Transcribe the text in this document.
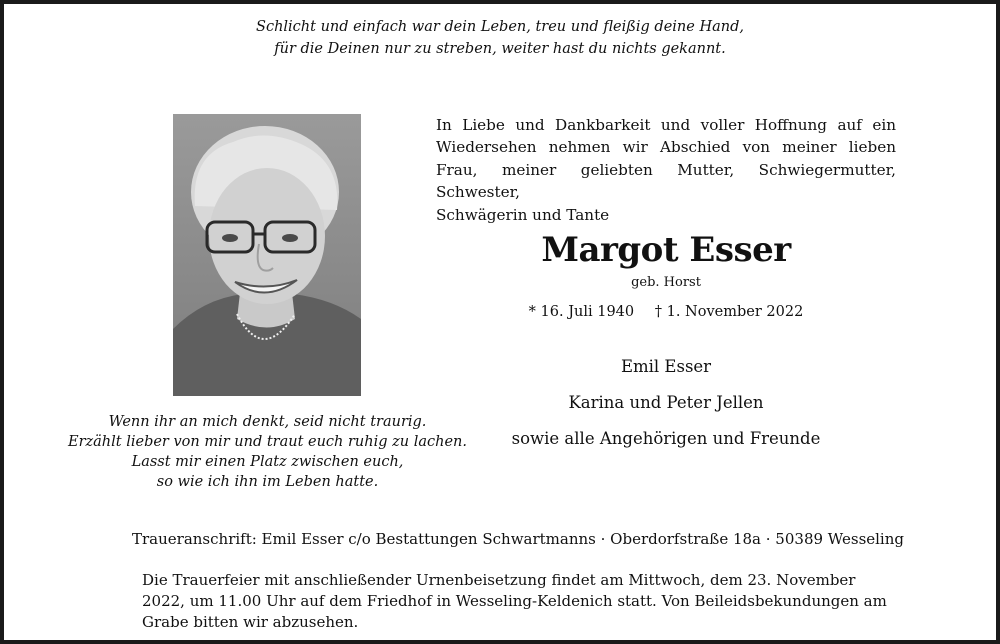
Schlicht und einfach war dein Leben, treu und fleißig deine Hand,
für die Deinen nur zu streben, weiter hast du nichts gekannt.
In Liebe und Dankbarkeit und voller Hoffnung auf ein Wiedersehen nehmen wir Abschied von meiner lieben Frau, meiner geliebten Mutter, Schwiegermutter, Schwester,
Schwägerin und Tante
Margot Esser
geb. Horst
* 16. Juli 1940 † 1. November 2022
Emil Esser
Karina und Peter Jellen
sowie alle Angehörigen und Freunde
Wenn ihr an mich denkt, seid nicht traurig.
Erzählt lieber von mir und traut euch ruhig zu lachen.
Lasst mir einen Platz zwischen euch,
so wie ich ihn im Leben hatte.
Traueranschrift: Emil Esser c/o Bestattungen Schwartmanns · Oberdorfstraße 18a · 50389 Wesseling
Die Trauerfeier mit anschließender Urnenbeisetzung findet am Mittwoch, dem 23. November 2022, um 11.00 Uhr auf dem Friedhof in Wesseling-Keldenich statt. Von Beileidsbekundungen am Grabe bitten wir abzusehen.
